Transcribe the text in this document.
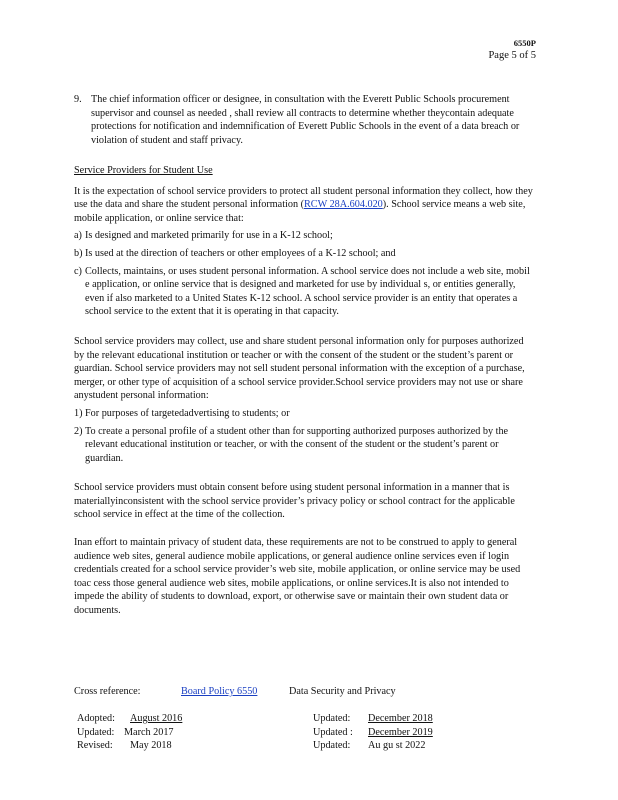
6550P
Page 5 of 5
9. The chief information officer or designee, in consultation with the Everett Public Schools procurement supervisor and counsel as needed , shall review all contracts to determine whether theycontain adequate protections for notification and indemnification of Everett Public Schools in the event of a data breach or violation of student and staff privacy.
Service Providers for Student Use

It is the expectation of school service providers to protect all student personal information they collect, how they use the data and share the student personal information (RCW 28A.604.020). School service means a web site, mobile application, or online service that:

a) Is designed and marketed primarily for use in a K-12 school;
b) Is used at the direction of teachers or other employees of a K-12 school; and
c) Collects, maintains, or uses student personal information. A school service does not include a web site, mobil e application, or online service that is designed and marketed for use by individual s, or entities generally, even if also marketed to a United States K-12 school. A school service provider is an entity that operates a school service to the extent that it is operating in that capacity.

School service providers may collect, use and share student personal information only for purposes authorized by the relevant educational institution or teacher or with the consent of the student or the student’s parent or guardian. School service providers may not sell student personal information with the exception of a purchase, merger, or other type of acquisition of a school service provider.School service providers may not use or share anystudent personal information:

1) For purposes of targetedadvertising to students; or
2) To create a personal profile of a student other than for supporting authorized purposes authorized by the relevant educational institution or teacher, or with the consent of the student or the student’s parent or guardian.

School service providers must obtain consent before using student personal information in a manner that is materiallyinconsistent with the school service provider’s privacy policy or school contract for the applicable school service in effect at the time of the collection.

Inan effort to maintain privacy of student data, these requirements are not to be construed to apply to general audience web sites, general audience mobile applications, or general audience online services even if login credentials created for a school service provider’s web site, mobile application, or online service may be used toac cess those general audience web sites, mobile applications, or online services.It is also not intended to impede the ability of students to download, export, or otherwise save or maintain their own student data or documents.

Cross reference:	Board Policy 6550	Data Security and Privacy
Adopted: August 2016
Updated: March 2017
Revised: May 2018
Updated: December 2018
Updated : December 2019
Updated: Au gu st 2022
